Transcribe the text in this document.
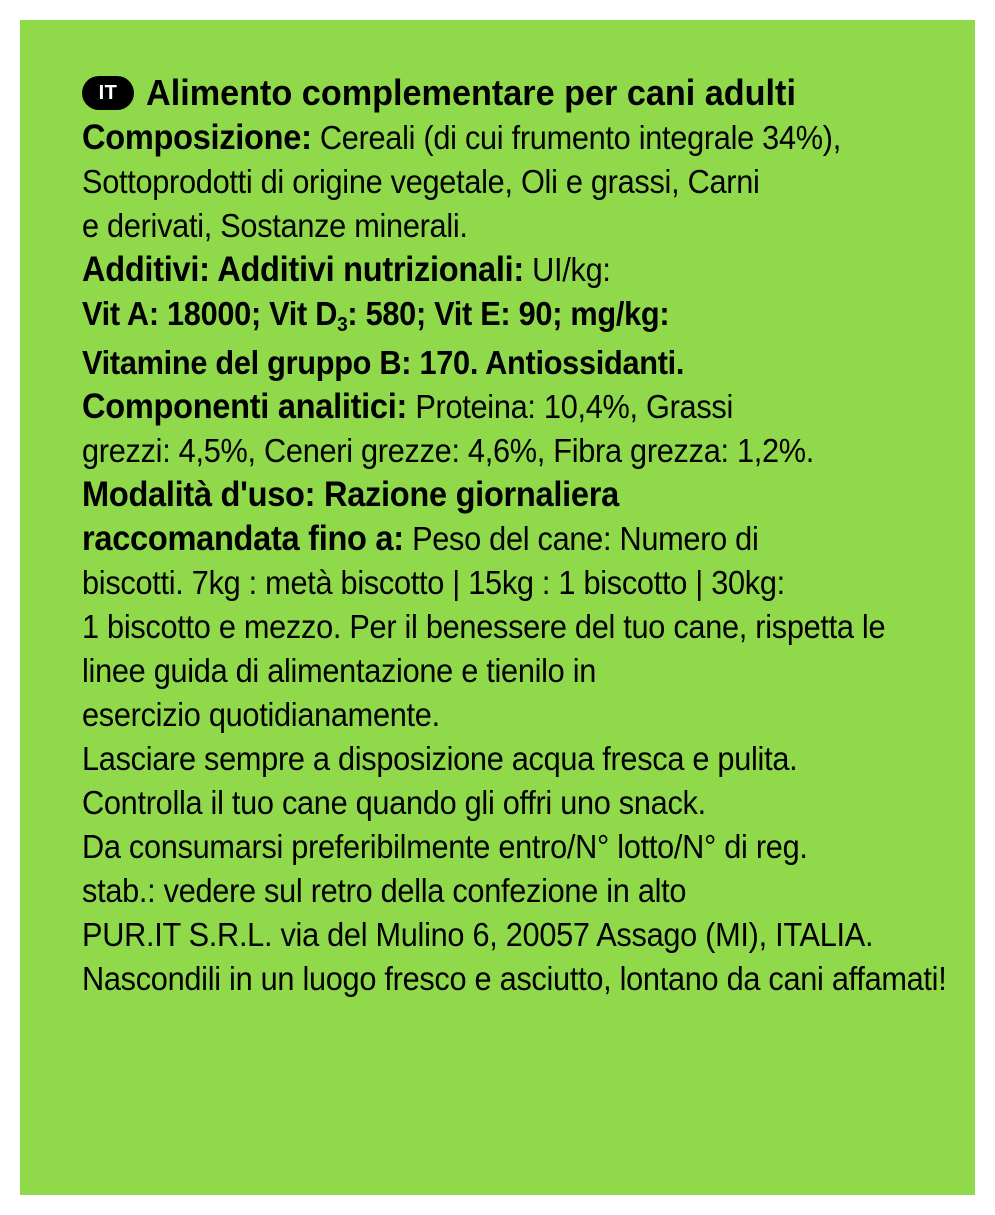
IT Alimento complementare per cani adulti
Composizione: Cereali (di cui frumento integrale 34%),
Sottoprodotti di origine vegetale, Oli e grassi, Carni
e derivati, Sostanze minerali.
Additivi: Additivi nutrizionali: UI/kg:
Vit A: 18000; Vit $D_3$: 580; Vit E: 90; mg/kg:
Vitamine del gruppo B: 170. Antiossidanti.
Componenti analitici: Proteina: 10,4%, Grassi
grezzi: 4,5%, Ceneri grezze: 4,6%, Fibra grezza: 1,2%.
Modalità d'uso: Razione giornaliera
raccomandata fino a: Peso del cane: Numero di
biscotti. 7kg : metà biscotto | 15kg : 1 biscotto | 30kg:
1 biscotto e mezzo. Per il benessere del tuo cane, rispetta le
linee guida di alimentazione e tienilo in
esercizio quotidianamente.
Lasciare sempre a disposizione acqua fresca e pulita.
Controlla il tuo cane quando gli offri uno snack.
Da consumarsi preferibilmente entro/N° lotto/N° di reg.
stab.: vedere sul retro della confezione in alto
PUR.IT S.R.L. via del Mulino 6, 20057 Assago (MI), ITALIA.
Nascondili in un luogo fresco e asciutto, lontano da cani affamati!
